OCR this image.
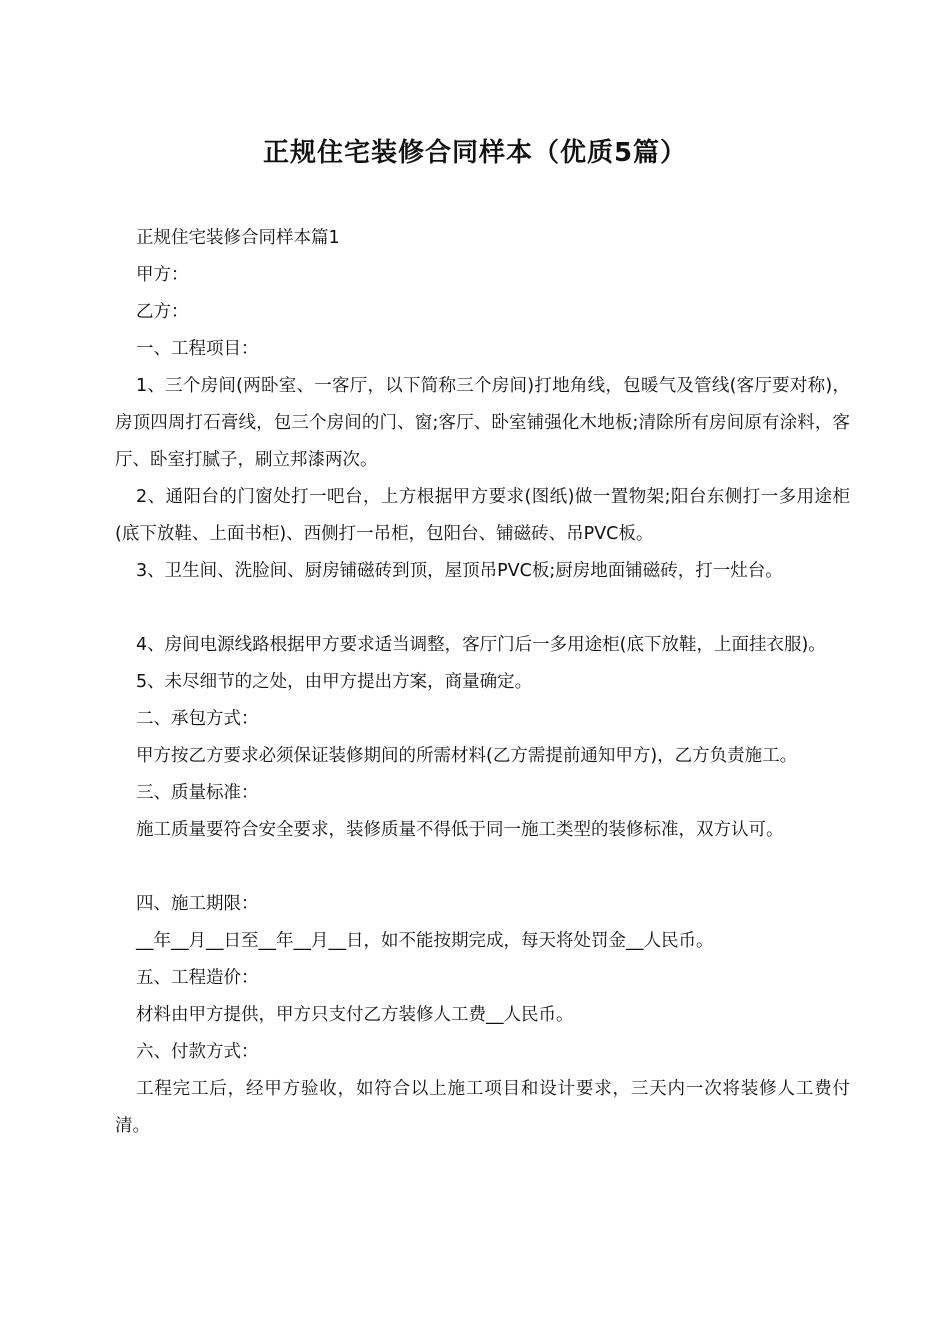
正规住宅装修合同样本（优质5篇）

正规住宅装修合同样本篇1

甲方：

乙方：

一、工程项目：

1、三个房间(两卧室、一客厅，以下简称三个房间)打地角线，包暖气及管线(客厅要对称)，房顶四周打石膏线，包三个房间的门、窗;客厅、卧室铺强化木地板;清除所有房间原有涂料，客厅、卧室打腻子，刷立邦漆两次。

2、通阳台的门窗处打一吧台，上方根据甲方要求(图纸)做一置物架;阳台东侧打一多用途柜(底下放鞋、上面书柜)、西侧打一吊柜，包阳台、铺磁砖、吊PVC板。

3、卫生间、洗脸间、厨房铺磁砖到顶，屋顶吊PVC板;厨房地面铺磁砖，打一灶台。

4、房间电源线路根据甲方要求适当调整，客厅门后一多用途柜(底下放鞋，上面挂衣服)。

5、未尽细节的之处，由甲方提出方案，商量确定。

二、承包方式：

甲方按乙方要求必须保证装修期间的所需材料(乙方需提前通知甲方)，乙方负责施工。

三、质量标准：

施工质量要符合安全要求，装修质量不得低于同一施工类型的装修标准，双方认可。

四、施工期限：

__年__月__日至__年__月__日，如不能按期完成，每天将处罚金__人民币。

五、工程造价：

材料由甲方提供，甲方只支付乙方装修人工费__人民币。

六、付款方式：

工程完工后，经甲方验收，如符合以上施工项目和设计要求，三天内一次将装修人工费付清。
